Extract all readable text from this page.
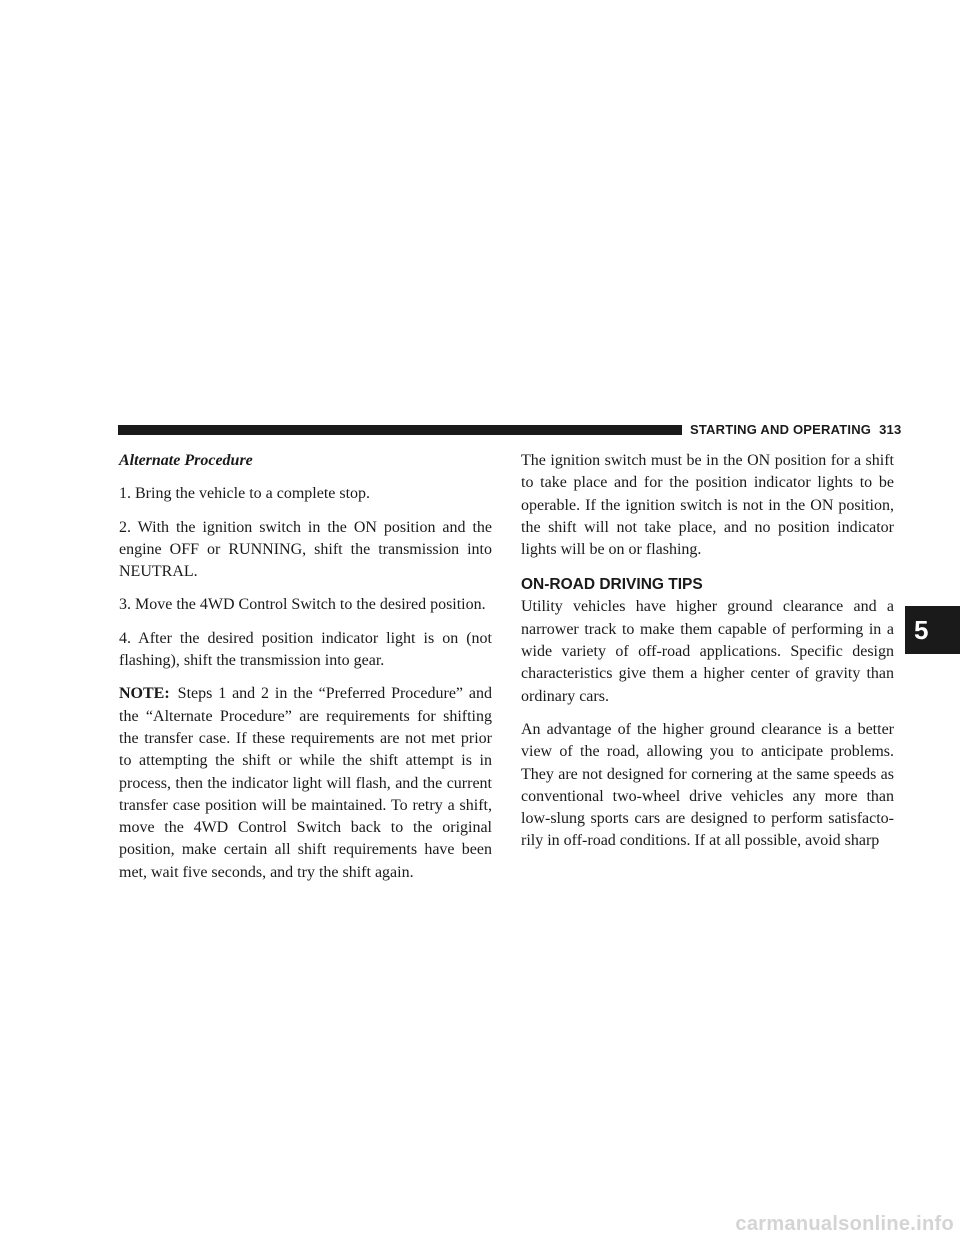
STARTING AND OPERATING 313

Alternate Procedure

1. Bring the vehicle to a complete stop.

2. With the ignition switch in the ON position and the engine OFF or RUNNING, shift the transmission into NEUTRAL.

3. Move the 4WD Control Switch to the desired position.

4. After the desired position indicator light is on (not flashing), shift the transmission into gear.

NOTE: Steps 1 and 2 in the “Preferred Procedure” and the “Alternate Procedure” are requirements for shifting the transfer case. If these requirements are not met prior to attempting the shift or while the shift attempt is in process, then the indicator light will flash, and the current transfer case position will be maintained. To retry a shift, move the 4WD Control Switch back to the original position, make certain all shift requirements have been met, wait five seconds, and try the shift again.

The ignition switch must be in the ON position for a shift to take place and for the position indicator lights to be operable. If the ignition switch is not in the ON position, the shift will not take place, and no position indicator lights will be on or flashing.

ON-ROAD DRIVING TIPS

Utility vehicles have higher ground clearance and a narrower track to make them capable of performing in a wide variety of off-road applications. Specific design characteristics give them a higher center of gravity than ordinary cars.

An advantage of the higher ground clearance is a better view of the road, allowing you to anticipate problems. They are not designed for cornering at the same speeds as conventional two-wheel drive vehicles any more than low-slung sports cars are designed to perform satisfacto-rily in off-road conditions. If at all possible, avoid sharp

5
carmanualsonline.info
